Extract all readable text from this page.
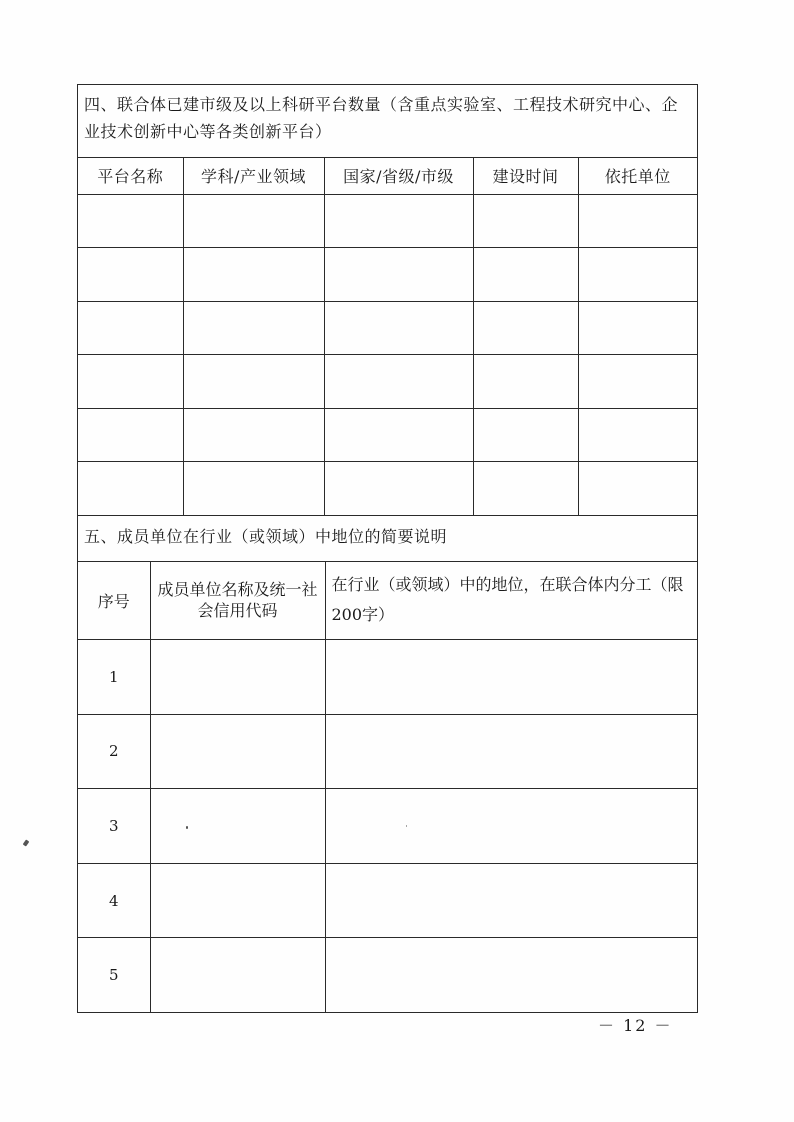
四、联合体已建市级及以上科研平台数量（含重点实验室、工程技术研究中心、企业技术创新中心等各类创新平台）
平台名称	学科/产业领域	国家/省级/市级	建设时间	依托单位

五、成员单位在行业（或领域）中地位的简要说明
序号	成员单位名称及统一社会信用代码	在行业（或领域）中的地位，在联合体内分工（限200字）
1		
2		
3		
4		
5		
－ 12 －
